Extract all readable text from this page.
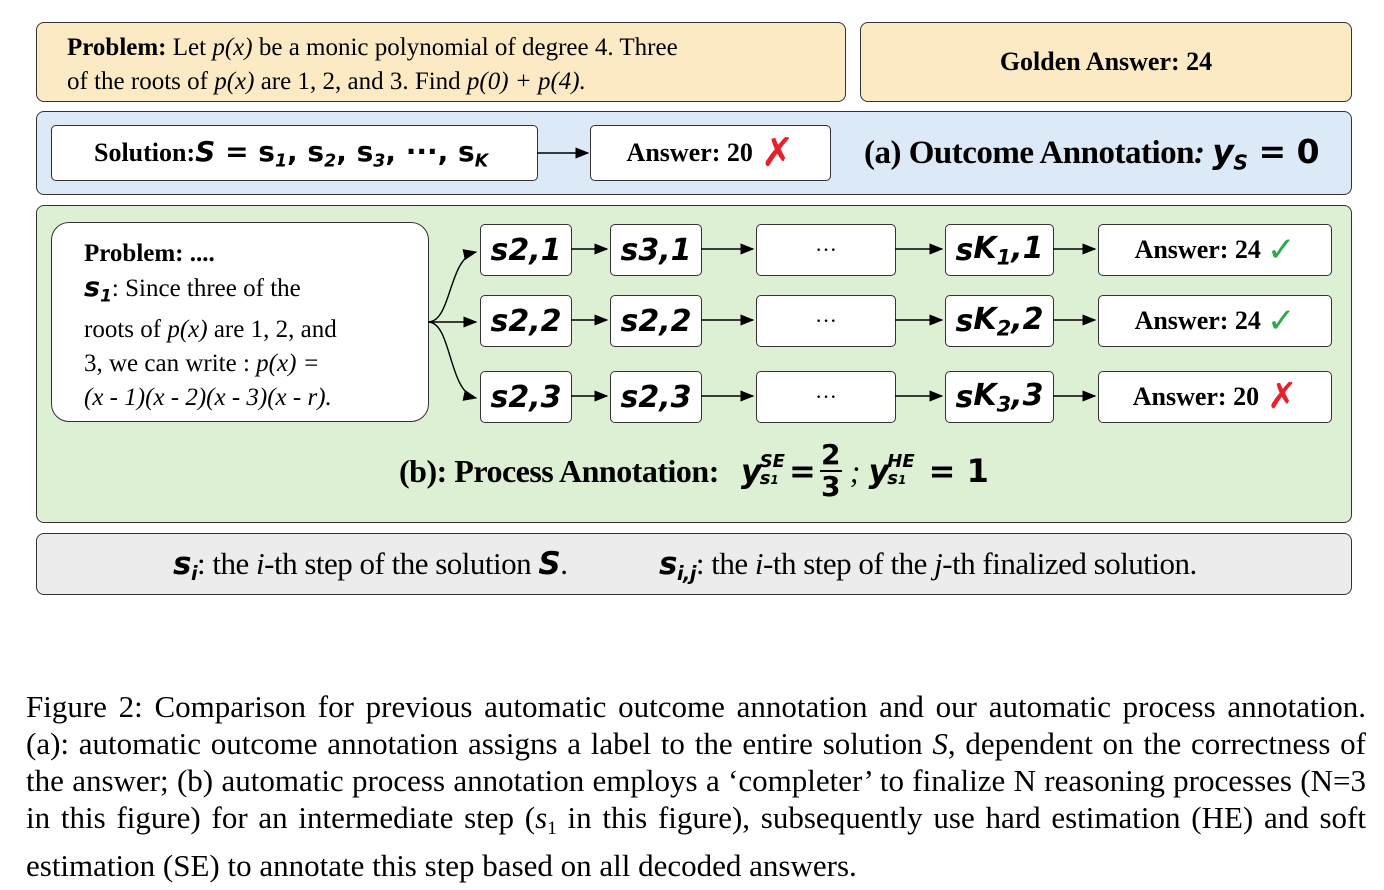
Problem: Let p(x) be a monic polynomial of degree 4. Three
of the roots of p(x) are 1, 2, and 3. Find p(0) + p(4).
Golden Answer: 24
Solution: $S = s_1$, $s_2$, $s_3$, ···, $s_K$	Answer: 20 ✗ (a) Outcome Annotation: $y_S = 0$
Problem: ....
$s_1$: Since three of the
roots of p(x) are 1, 2, and
3, we can write : p(x) =
(x - 1)(x - 2)(x - 3)(x - r).
s 2,1 s 3,1	···	s $K_1,1$	Answer: 24 ✓
s 2,2 s 2,2	···	s $K_2,2$	Answer: 24 ✓
s 2,3 s 2,3	···	s $K_3,3$	Answer: 20 ✗
(b): Process Annotation: y
SE
s1 = 2
3 ; y
HE
s1 = 1
$s_i$: the i-th step of the solution S.	$s_{i,j}$: the i-th step of the j-th finalized solution.
Figure 2: Comparison for previous automatic outcome annotation and our automatic process annotation. (a): automatic outcome annotation assigns a label to the entire solution S, dependent on the correctness of the answer; (b) automatic process annotation employs a ‘completer’ to finalize N reasoning processes (N=3 in this figure) for an intermediate step ($s_1$ in this figure), subsequently use hard estimation (HE) and soft estimation (SE) to annotate this step based on all decoded answers.
